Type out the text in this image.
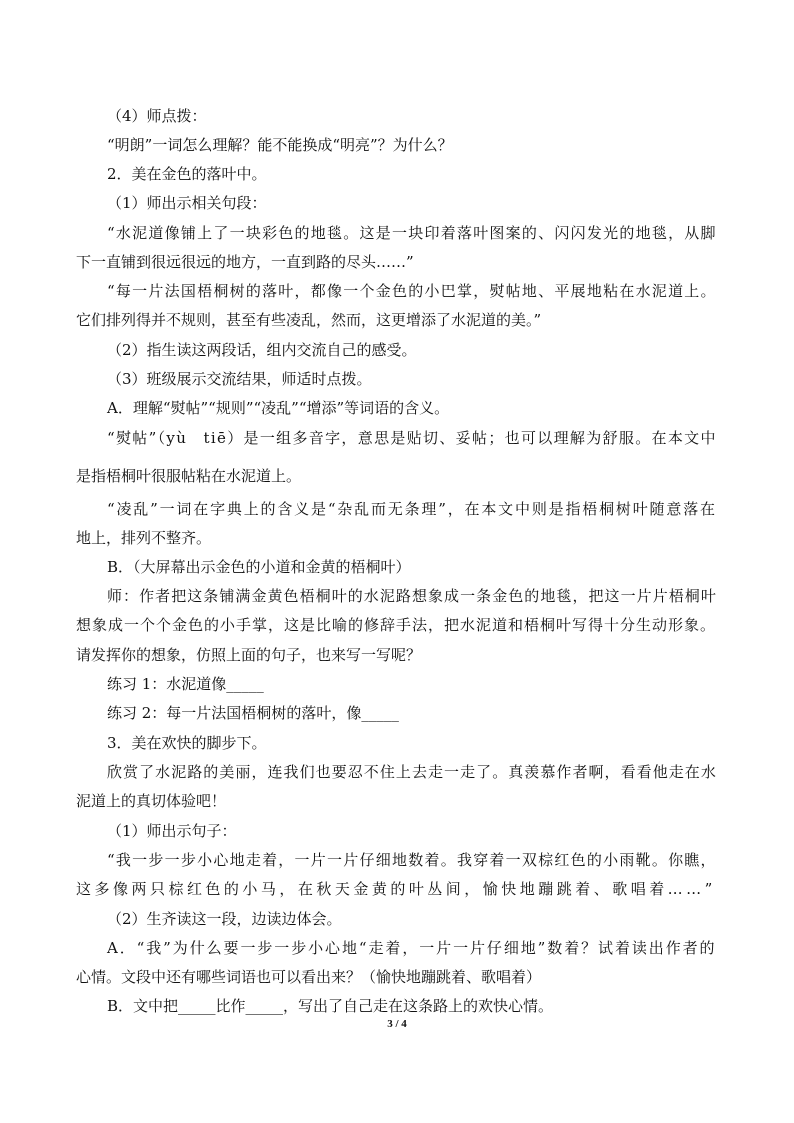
（4）师点拨：
“明朗”一词怎么理解？能不能换成“明亮”？为什么？
2．美在金色的落叶中。
（1）师出示相关句段：
“水泥道像铺上了一块彩色的地毯。这是一块印着落叶图案的、闪闪发光的地毯，从脚
下一直铺到很远很远的地方，一直到路的尽头……”
“每一片法国梧桐树的落叶，都像一个金色的小巴掌，熨帖地、平展地粘在水泥道上。
它们排列得并不规则，甚至有些凌乱，然而，这更增添了水泥道的美。”
（2）指生读这两段话，组内交流自己的感受。
（3）班级展示交流结果，师适时点拨。
A．理解“熨帖”“规则”“凌乱”“增添”等词语的含义。
“熨帖”（yù　tiē）是一组多音字，意思是贴切、妥帖；也可以理解为舒服。在本文中
是指梧桐叶很服帖粘在水泥道上。
“凌乱”一词在字典上的含义是“杂乱而无条理”，在本文中则是指梧桐树叶随意落在
地上，排列不整齐。
B．（大屏幕出示金色的小道和金黄的梧桐叶）
师：作者把这条铺满金黄色梧桐叶的水泥路想象成一条金色的地毯，把这一片片梧桐叶
想象成一个个金色的小手掌，这是比喻的修辞手法，把水泥道和梧桐叶写得十分生动形象。
请发挥你的想象，仿照上面的句子，也来写一写呢？
练习 1：水泥道像_____
练习 2：每一片法国梧桐树的落叶，像_____
3．美在欢快的脚步下。
欣赏了水泥路的美丽，连我们也要忍不住上去走一走了。真羡慕作者啊，看看他走在水
泥道上的真切体验吧！
（1）师出示句子：
“我一步一步小心地走着，一片一片仔细地数着。我穿着一双棕红色的小雨靴。你瞧，
这多像两只棕红色的小马，在秋天金黄的叶丛间，愉快地蹦跳着、歌唱着……”
（2）生齐读这一段，边读边体会。
A．“我”为什么要一步一步小心地“走着，一片一片仔细地”数着？试着读出作者的
心情。文段中还有哪些词语也可以看出来？（愉快地蹦跳着、歌唱着）
B．文中把_____比作_____，写出了自己走在这条路上的欢快心情。
3 / 4
